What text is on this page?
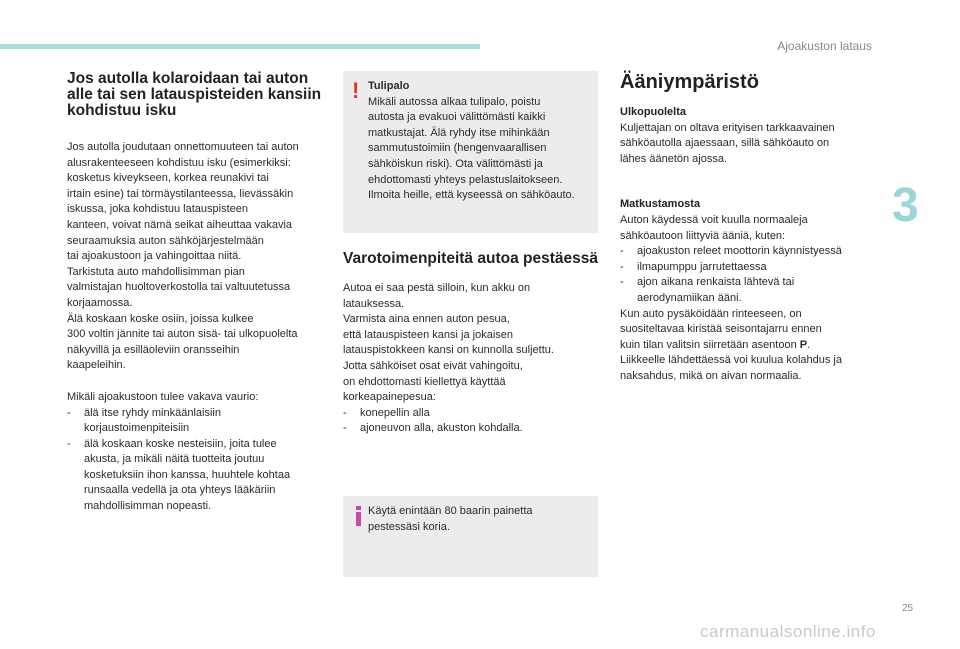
Ajoakuston lataus
3
Jos autolla kolaroidaan tai auton alle tai sen latauspisteiden kansiin kohdistuu isku

Jos autolla joudutaan onnettomuuteen tai auton
alusrakenteeseen kohdistuu isku (esimerkiksi:
kosketus kiveykseen, korkea reunakivi tai
irtain esine) tai törmäystilanteessa, lievässäkin
iskussa, joka kohdistuu latauspisteen
kanteen, voivat nämä seikat aiheuttaa vakavia
seuraamuksia auton sähköjärjestelmään
tai ajoakustoon ja vahingoittaa niitä.
Tarkistuta auto mahdollisimman pian
valmistajan huoltoverkostolla tai valtuutetussa
korjaamossa.
Älä koskaan koske osiin, joissa kulkee
300 voltin jännite tai auton sisä- tai ulkopuolelta
näkyvillä ja esilläoleviin oransseihin
kaapeleihin.

Mikäli ajoakustoon tulee vakava vaurio:

- älä itse ryhdy minkäänlaisiin
korjaustoimenpiteisiin
- älä koskaan koske nesteisiin, joita tulee
akusta, ja mikäli näitä tuotteita joutuu
kosketuksiin ihon kanssa, huuhtele kohtaa
runsaalla vedellä ja ota yhteys lääkäriin
mahdollisimman nopeasti.
! Tulipalo

Mikäli autossa alkaa tulipalo, poistu
autosta ja evakuoi välittömästi kaikki
matkustajat. Älä ryhdy itse mihinkään
sammutustoimiin (hengenvaarallisen
sähköiskun riski). Ota välittömästi ja
ehdottomasti yhteys pelastuslaitokseen.
Ilmoita heille, että kyseessä on sähköauto.

Varotoimenpiteitä autoa pestäessä

Autoa ei saa pestä silloin, kun akku on
latauksessa.
Varmista aina ennen auton pesua,
että latauspisteen kansi ja jokaisen
latauspistokkeen kansi on kunnolla suljettu.
Jotta sähköiset osat eivät vahingoitu,
on ehdottomasti kiellettyä käyttää
korkeapainepesua:

- konepellin alla
- ajoneuvon alla, akuston kohdalla.

Käytä enintään 80 baarin painetta
pestessäsi koria.

Ääniympäristö
Ulkopuolelta

Kuljettajan on oltava erityisen tarkkaavainen
sähköautolla ajaessaan, sillä sähköauto on
lähes äänetön ajossa.

Matkustamosta

Auton käydessä voit kuulla normaaleja
sähköautoon liittyviä ääniä, kuten:

- ajoakuston releet moottorin käynnistyessä
- ilmapumppu jarrutettaessa
- ajon aikana renkaista lähtevä tai
aerodynamiikan ääni.

Kun auto pysäköidään rinteeseen, on
suositeltavaa kiristää seisontajarru ennen
kuin tilan valitsin siirretään asentoon P.
Liikkeelle lähdettäessä voi kuulua kolahdus ja
naksahdus, mikä on aivan normaalia.

25
carmanualsonline.info
